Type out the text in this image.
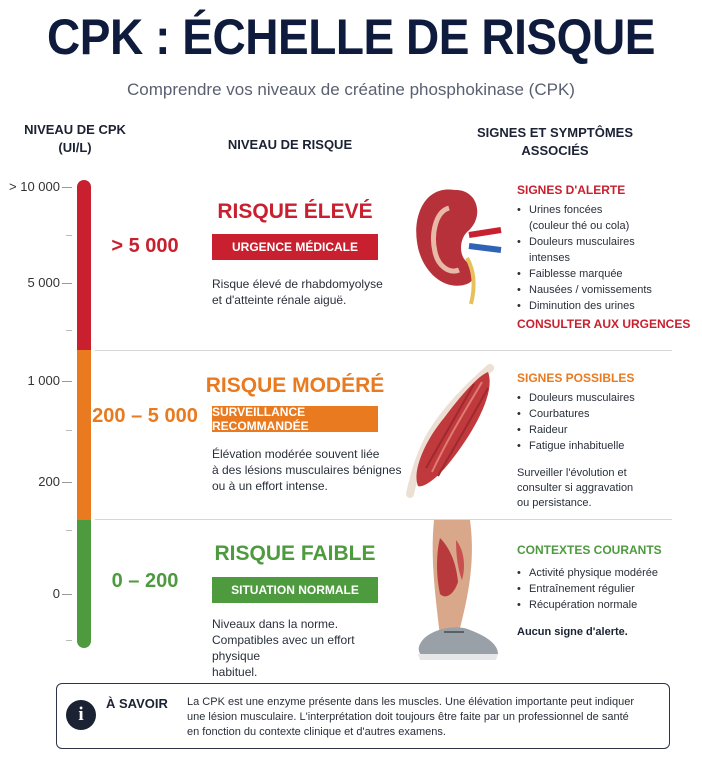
CPK : ÉCHELLE DE RISQUE
Comprendre vos niveaux de créatine phosphokinase (CPK)
NIVEAU DE CPK
(UI/L)	NIVEAU DE RISQUE
SIGNES ET SYMPTÔMES
ASSOCIÉS
> 10 000
5 000
1 000
200
0
> 5 000
RISQUE ÉLEVÉ
URGENCE MÉDICALE
Risque élevé de rhabdomyolyse
et d'atteinte rénale aiguë.
SIGNES D'ALERTE
• Urines foncées
(couleur thé ou cola)
• Douleurs musculaires
intenses
• Faiblesse marquée
• Nausées / vomissements
• Diminution des urines
CONSULTER AUX URGENCES
200 – 5 000
RISQUE MODÉRÉ
SURVEILLANCE RECOMMANDÉE
Élévation modérée souvent liée
à des lésions musculaires bénignes
ou à un effort intense.
SIGNES POSSIBLES
• Douleurs musculaires
• Courbatures
• Raideur
• Fatigue inhabituelle
Surveiller l'évolution et
consulter si aggravation
ou persistance.
0 – 200
RISQUE FAIBLE
SITUATION NORMALE
Niveaux dans la norme.
Compatibles avec un effort physique
habituel.
CONTEXTES COURANTS
• Activité physique modérée
• Entraînement régulier
• Récupération normale
Aucun signe d'alerte.
i
À SAVOIR La CPK est une enzyme présente dans les muscles. Une élévation importante peut indiquer
une lésion musculaire. L'interprétation doit toujours être faite par un professionnel de santé
en fonction du contexte clinique et d'autres examens.
